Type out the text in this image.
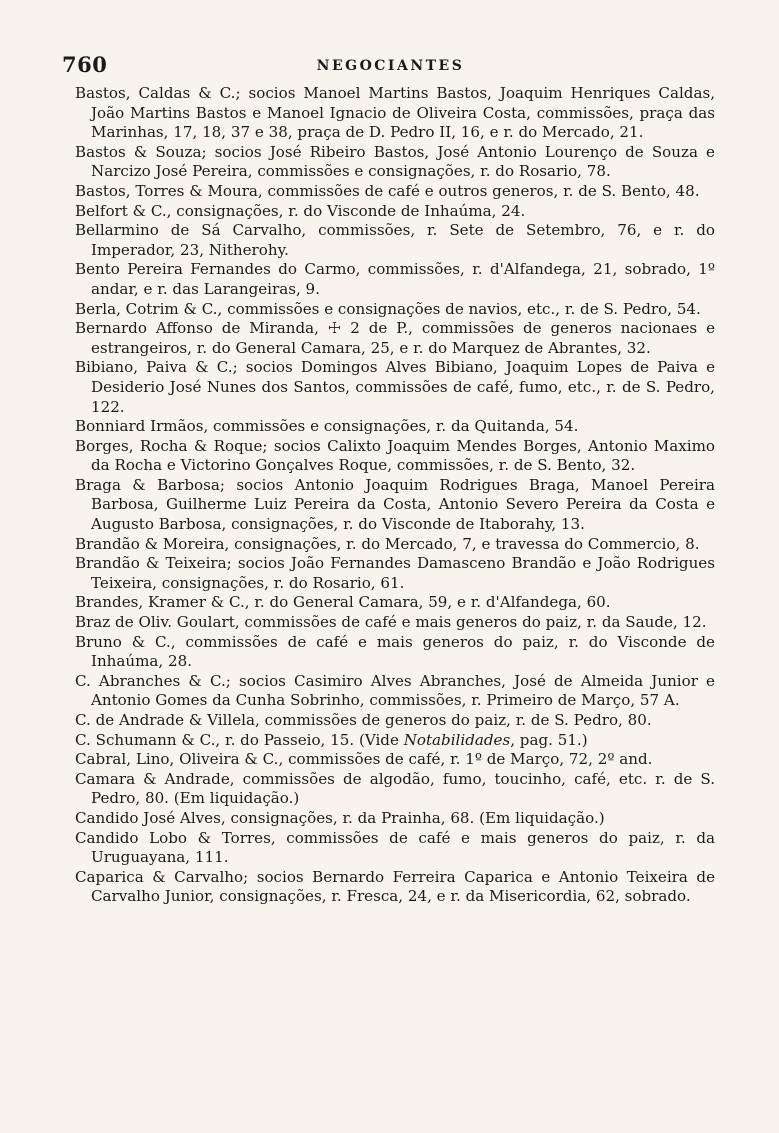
760	NEGOCIANTES

Bastos, Caldas & C.; socios Manoel Martins Bastos, Joaquim Henriques Caldas, João Martins Bastos e Manoel Ignacio de Oliveira Costa, commissões, praça das Marinhas, 17, 18, 37 e 38, praça de D. Pedro II, 16, e r. do Mercado, 21.

Bastos & Souza; socios José Ribeiro Bastos, José Antonio Lourenço de Souza e Narcizo José Pereira, commissões e consignações, r. do Rosario, 78.

Bastos, Torres & Moura, commissões de café e outros generos, r. de S. Bento, 48.

Belfort & C., consignações, r. do Visconde de Inhaúma, 24.

Bellarmino de Sá Carvalho, commissões, r. Sete de Setembro, 76, e r. do Imperador, 23, Nitherohy.

Bento Pereira Fernandes do Carmo, commissões, r. d'Alfandega, 21, sobrado, 1º andar, e r. das Larangeiras, 9.

Berla, Cotrim & C., commissões e consignações de navios, etc., r. de S. Pedro, 54.

Bernardo Affonso de Miranda, ☩ 2 de P., commissões de generos nacionaes e estrangeiros, r. do General Camara, 25, e r. do Marquez de Abrantes, 32.

Bibiano, Paiva & C.; socios Domingos Alves Bibiano, Joaquim Lopes de Paiva e Desiderio José Nunes dos Santos, commissões de café, fumo, etc., r. de S. Pedro, 122.

Bonniard Irmãos, commissões e consignações, r. da Quitanda, 54.

Borges, Rocha & Roque; socios Calixto Joaquim Mendes Borges, Antonio Maximo da Rocha e Victorino Gonçalves Roque, commissões, r. de S. Bento, 32.

Braga & Barbosa; socios Antonio Joaquim Rodrigues Braga, Manoel Pereira Barbosa, Guilherme Luiz Pereira da Costa, Antonio Severo Pereira da Costa e Augusto Barbosa, consignações, r. do Visconde de Itaborahy, 13.

Brandão & Moreira, consignações, r. do Mercado, 7, e travessa do Commercio, 8.

Brandão & Teixeira; socios João Fernandes Damasceno Brandão e João Rodrigues Teixeira, consignações, r. do Rosario, 61.

Brandes, Kramer & C., r. do General Camara, 59, e r. d'Alfandega, 60.

Braz de Oliv. Goulart, commissões de café e mais generos do paiz, r. da Saude, 12.

Bruno & C., commissões de café e mais generos do paiz, r. do Visconde de Inhaúma, 28.

C. Abranches & C.; socios Casimiro Alves Abranches, José de Almeida Junior e Antonio Gomes da Cunha Sobrinho, commissões, r. Primeiro de Março, 57 A.

C. de Andrade & Villela, commissões de generos do paiz, r. de S. Pedro, 80.

C. Schumann & C., r. do Passeio, 15. (Vide Notabilidades, pag. 51.)

Cabral, Lino, Oliveira & C., commissões de café, r. 1º de Março, 72, 2º and.

Camara & Andrade, commissões de algodão, fumo, toucinho, café, etc. r. de S. Pedro, 80. (Em liquidação.)

Candido José Alves, consignações, r. da Prainha, 68. (Em liquidação.)

Candido Lobo & Torres, commissões de café e mais generos do paiz, r. da Uruguayana, 111.

Caparica & Carvalho; socios Bernardo Ferreira Caparica e Antonio Teixeira de Carvalho Junior, consignações, r. Fresca, 24, e r. da Misericordia, 62, sobrado.
